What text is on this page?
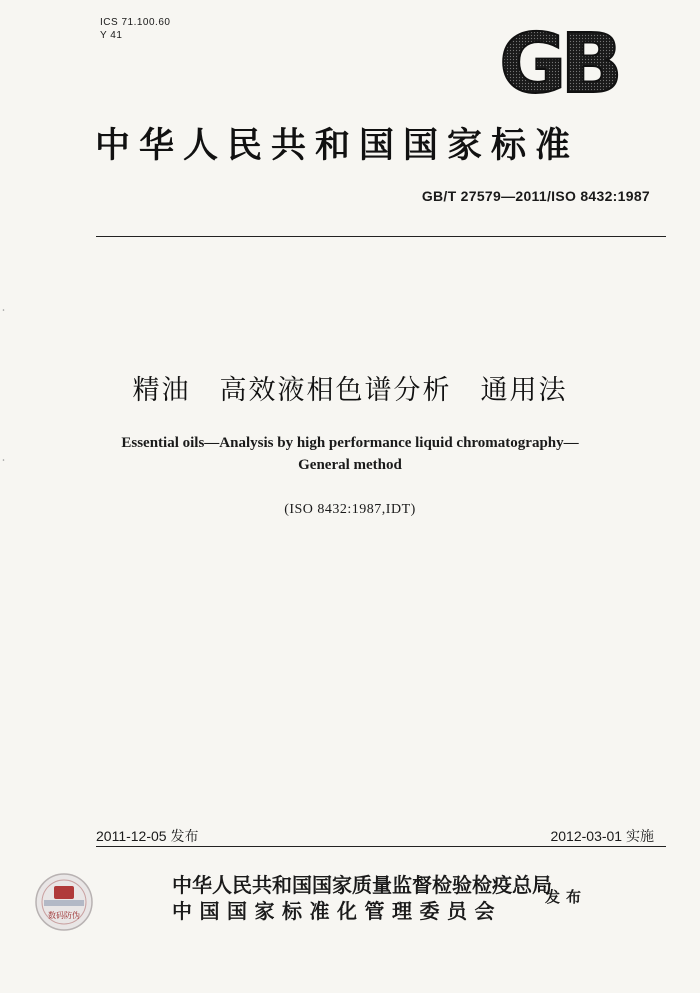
ICS 71.100.60
Y 41	GB
中华人民共和国国家标准
GB/T 27579—2011/ISO 8432:1987
精油　高效液相色谱分析　通用法
Essential oils—Analysis by high performance liquid chromatography—
General method
(ISO 8432:1987,IDT)
2011-12-05 发布	2012-03-01 实施
数码防伪
中华人民共和国国家质量监督检验检疫总局
中国国家标准化管理委员会
发布
